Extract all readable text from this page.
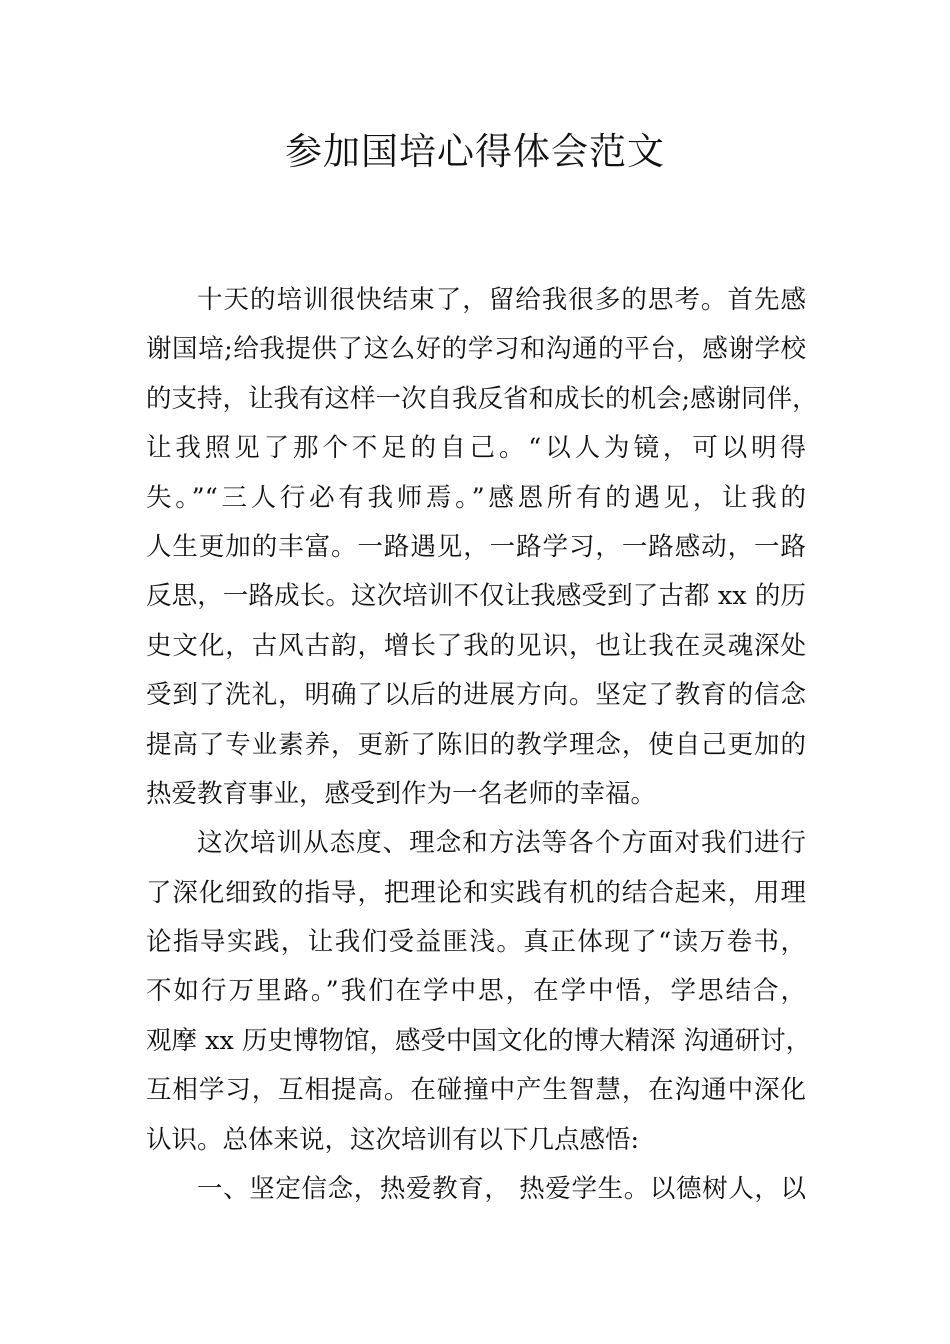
参加国培心得体会范文
十天的培训很快结束了，留给我很多的思考。首先感
谢国培;给我提供了这么好的学习和沟通的平台，感谢学校
的支持，让我有这样一次自我反省和成长的机会;感谢同伴，
让我照见了那个不足的自己。“以人为镜，可以明得
失。”“三人行必有我师焉。”感恩所有的遇见，让我的
人生更加的丰富。一路遇见，一路学习，一路感动，一路
反思，一路成长。这次培训不仅让我感受到了古都 xx 的历
史文化，古风古韵，增长了我的见识，也让我在灵魂深处
受到了洗礼，明确了以后的进展方向。坚定了教育的信念
提高了专业素养，更新了陈旧的教学理念，使自己更加的
热爱教育事业，感受到作为一名老师的幸福。
这次培训从态度、理念和方法等各个方面对我们进行
了深化细致的指导，把理论和实践有机的结合起来，用理
论指导实践，让我们受益匪浅。真正体现了“读万卷书，
不如行万里路。”我们在学中思，在学中悟，学思结合，
观摩 xx 历史博物馆，感受中国文化的博大精深 沟通研讨，
互相学习，互相提高。在碰撞中产生智慧，在沟通中深化
认识。总体来说，这次培训有以下几点感悟:
一、坚定信念，热爱教育， 热爱学生。以德树人，以
